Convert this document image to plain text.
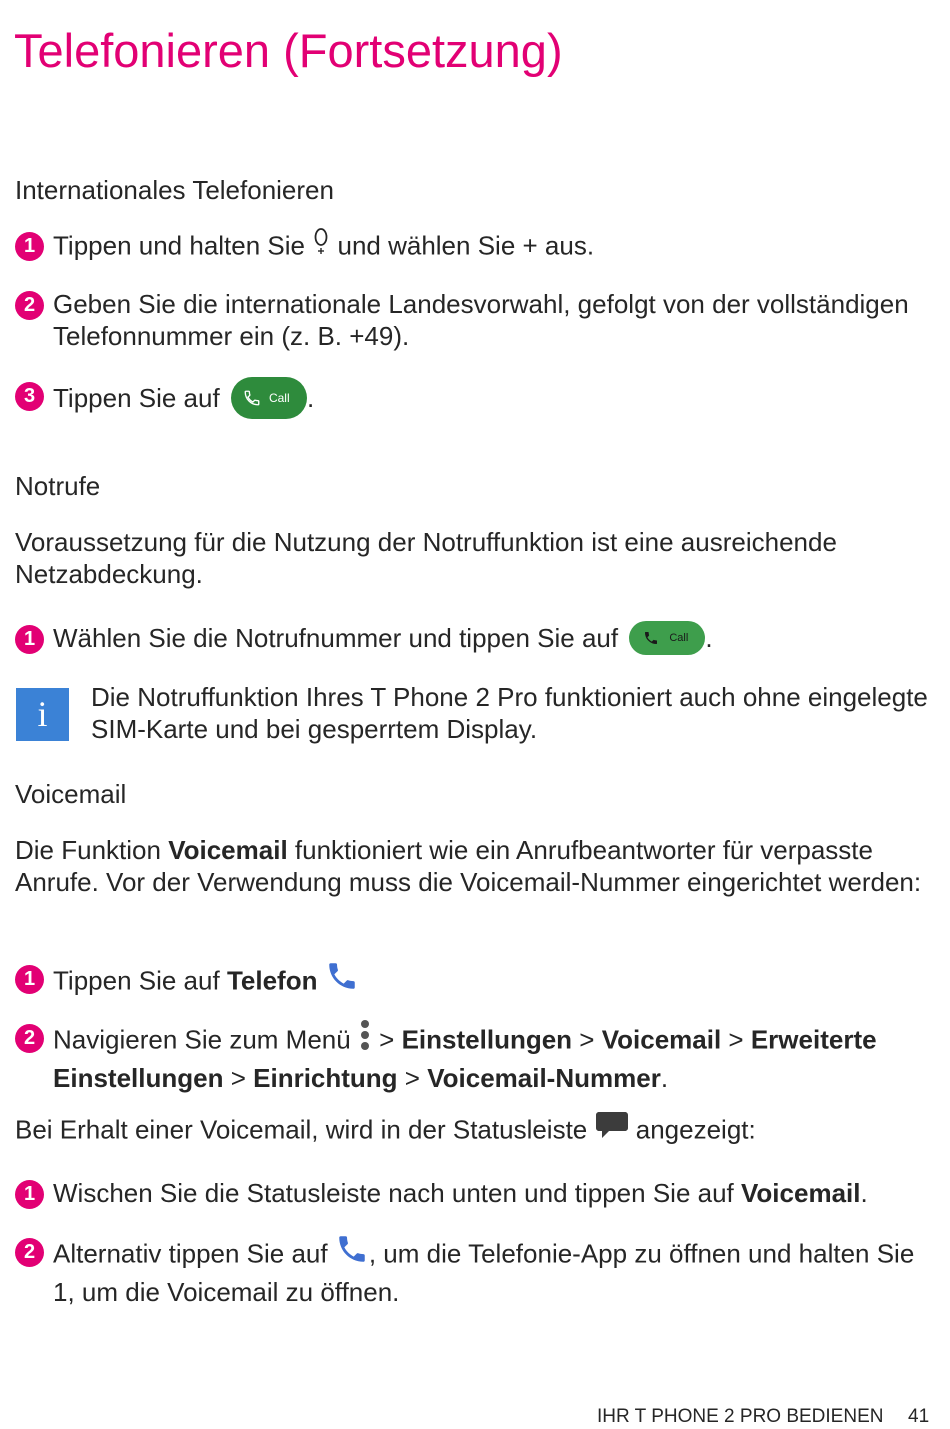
Telefonieren (Fortsetzung)
Internationales Telefonieren
1 Tippen und halten Sie und wählen Sie + aus.
2 Geben Sie die internationale Landesvorwahl, gefolgt von der vollständigen Telefonnummer ein (z. B. +49).
3 Tippen Sie auf	Call .
Notrufe
Voraussetzung für die Nutzung der Notruffunktion ist eine ausreichende Netzabdeckung.
1 Wählen Sie die Notrufnummer und tippen Sie auf	Call .
i	Die Notruffunktion Ihres T Phone 2 Pro funktioniert auch ohne eingelegte SIM-Karte und bei gesperrtem Display.
Voicemail
Die Funktion Voicemail funktioniert wie ein Anrufbeantworter für verpasste Anrufe. Vor der Verwendung muss die Voicemail-Nummer eingerichtet werden:
1 Tippen Sie auf Telefon
2 Navigieren Sie zum Menü > Einstellungen > Voicemail > Erweiterte Einstellungen > Einrichtung > Voicemail-Nummer.
Bei Erhalt einer Voicemail, wird in der Statusleiste angezeigt:
1 Wischen Sie die Statusleiste nach unten und tippen Sie auf Voicemail.
2 Alternativ tippen Sie auf , um die Telefonie-App zu öffnen und halten Sie 1, um die Voicemail zu öffnen.
IHR T PHONE 2 PRO BEDIENEN 41
